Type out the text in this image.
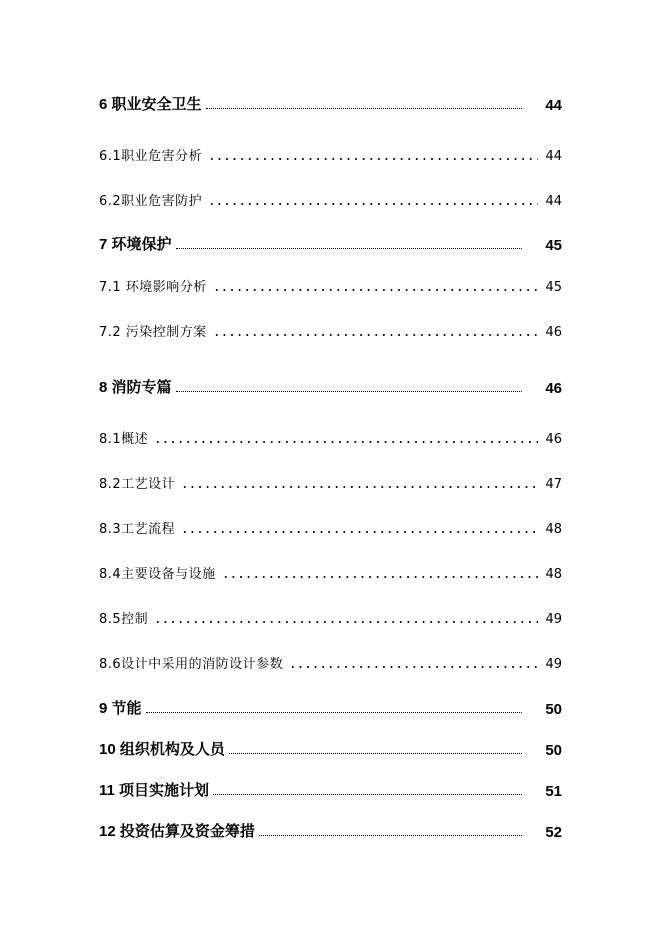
6 职业安全卫生	44
6.1职业危害分析	44
6.2职业危害防护	44
7 环境保护	45
7.1 环境影响分析	45
7.2 污染控制方案	46
8 消防专篇	46
8.1概述	46
8.2工艺设计	47
8.3工艺流程	48
8.4主要设备与设施	48
8.5控制	49
8.6设计中采用的消防设计参数	49
9 节能	50
10 组织机构及人员	50
11 项目实施计划	51
12 投资估算及资金筹措	52
